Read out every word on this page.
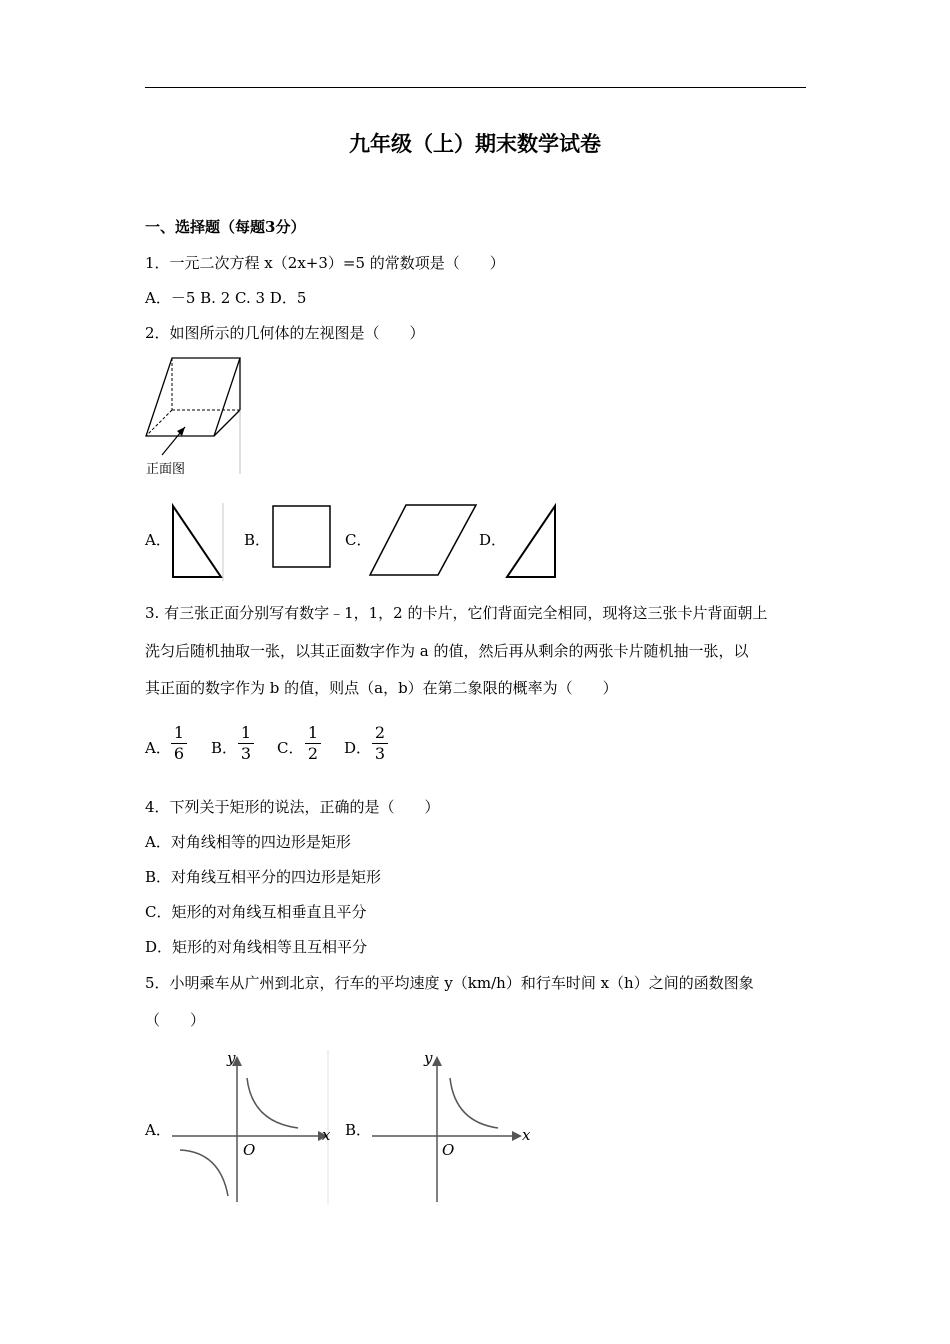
九年级（上）期末数学试卷
一、选择题（每题3分）
1．一元二次方程 x（2x+3）=5 的常数项是（　　）
A．－5 B. 2 C. 3 D．5
2．如图所示的几何体的左视图是（　　）
正面图
A．	B．	C．	D．
3. 有三张正面分别写有数字﹣1，1，2 的卡片，它们背面完全相同，现将这三张卡片背面朝上
洗匀后随机抽取一张，以其正面数字作为 a 的值，然后再从剩余的两张卡片随机抽一张，以
其正面的数字作为 b 的值，则点（a，b）在第二象限的概率为（　　）
A．
1
6 B．
1
3 C．
1
2 D．
2
3
4．下列关于矩形的说法，正确的是（　　）
A．对角线相等的四边形是矩形
B．对角线互相平分的四边形是矩形
C．矩形的对角线互相垂直且平分
D．矩形的对角线相等且互相平分
5．小明乘车从广州到北京，行车的平均速度 y（km/h）和行车时间 x（h）之间的函数图象
（　　）
A．
y
x
O
B．
y
x
O
